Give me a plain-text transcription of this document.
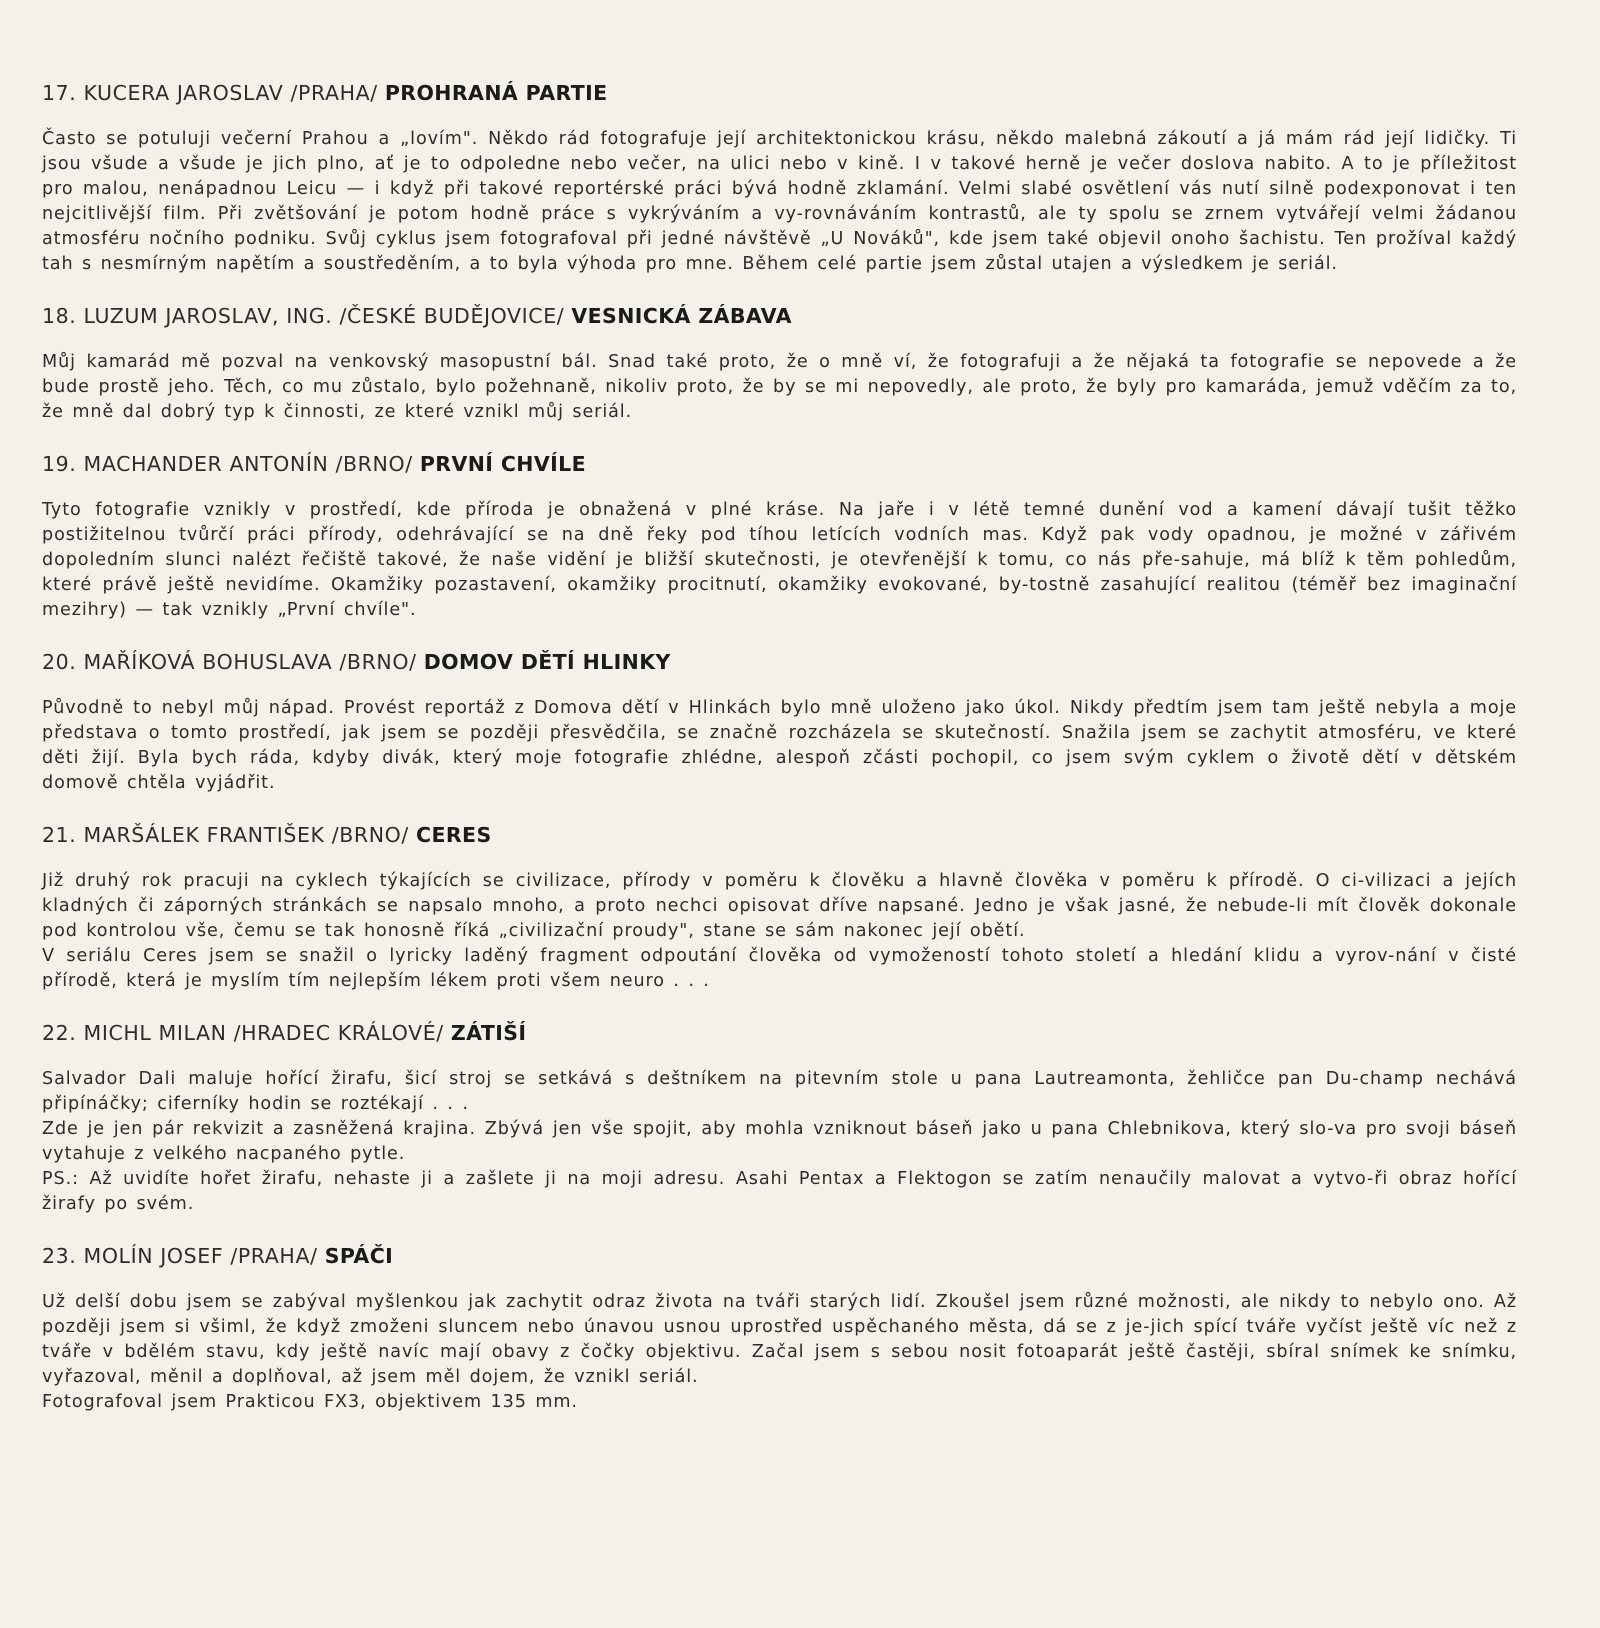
17. KUCERA JAROSLAV /PRAHA/ PROHRANÁ PARTIE

Často se potuluji večerní Prahou a „lovím". Někdo rád fotografuje její architektonickou krásu, někdo malebná zákoutí a já mám rád její lidičky. Ti jsou všude a všude je jich plno, ať je to odpoledne nebo večer, na ulici nebo v kině. I v takové herně je večer doslova nabito. A to je příležitost pro malou, nenápadnou Leicu — i když při takové reportérské práci bývá hodně zklamání. Velmi slabé osvětlení vás nutí silně podexponovat i ten nejcitlivější film. Při zvětšování je potom hodně práce s vykrýváním a vy-rovnáváním kontrastů, ale ty spolu se zrnem vytvářejí velmi žádanou atmosféru nočního podniku. Svůj cyklus jsem fotografoval při jedné návštěvě „U Nováků", kde jsem také objevil onoho šachistu. Ten prožíval každý tah s nesmírným napětím a soustředěním, a to byla výhoda pro mne. Během celé partie jsem zůstal utajen a výsledkem je seriál.

18. LUZUM JAROSLAV, ING. /ČESKÉ BUDĚJOVICE/ VESNICKÁ ZÁBAVA

Můj kamarád mě pozval na venkovský masopustní bál. Snad také proto, že o mně ví, že fotografuji a že nějaká ta fotografie se nepovede a že bude prostě jeho. Těch, co mu zůstalo, bylo požehnaně, nikoliv proto, že by se mi nepovedly, ale proto, že byly pro kamaráda, jemuž vděčím za to, že mně dal dobrý typ k činnosti, ze které vznikl můj seriál.

19. MACHANDER ANTONÍN /BRNO/ PRVNÍ CHVÍLE

Tyto fotografie vznikly v prostředí, kde příroda je obnažená v plné kráse. Na jaře i v létě temné dunění vod a kamení dávají tušit těžko postižitelnou tvůrčí práci přírody, odehrávající se na dně řeky pod tíhou letících vodních mas. Když pak vody opadnou, je možné v zářivém dopoledním slunci nalézt řečiště takové, že naše vidění je bližší skutečnosti, je otevřenější k tomu, co nás pře-sahuje, má blíž k těm pohledům, které právě ještě nevidíme. Okamžiky pozastavení, okamžiky procitnutí, okamžiky evokované, by-tostně zasahující realitou (téměř bez imaginační mezihry) — tak vznikly „První chvíle".

20. MAŘÍKOVÁ BOHUSLAVA /BRNO/ DOMOV DĚTÍ HLINKY

Původně to nebyl můj nápad. Provést reportáž z Domova dětí v Hlinkách bylo mně uloženo jako úkol. Nikdy předtím jsem tam ještě nebyla a moje představa o tomto prostředí, jak jsem se později přesvědčila, se značně rozcházela se skutečností. Snažila jsem se zachytit atmosféru, ve které děti žijí. Byla bych ráda, kdyby divák, který moje fotografie zhlédne, alespoň zčásti pochopil, co jsem svým cyklem o životě dětí v dětském domově chtěla vyjádřit.

21. MARŠÁLEK FRANTIŠEK /BRNO/ CERES

Již druhý rok pracuji na cyklech týkajících se civilizace, přírody v poměru k člověku a hlavně člověka v poměru k přírodě. O ci-vilizaci a jejích kladných či záporných stránkách se napsalo mnoho, a proto nechci opisovat dříve napsané. Jedno je však jasné, že nebude-li mít člověk dokonale pod kontrolou vše, čemu se tak honosně říká „civilizační proudy", stane se sám nakonec její obětí.

V seriálu Ceres jsem se snažil o lyricky laděný fragment odpoutání člověka od vymožeností tohoto století a hledání klidu a vyrov-nání v čisté přírodě, která je myslím tím nejlepším lékem proti všem neuro . . .

22. MICHL MILAN /HRADEC KRÁLOVÉ/ ZÁTIŠÍ

Salvador Dali maluje hořící žirafu, šicí stroj se setkává s deštníkem na pitevním stole u pana Lautreamonta, žehličce pan Du-champ nechává připínáčky; ciferníky hodin se roztékají . . .

Zde je jen pár rekvizit a zasněžená krajina. Zbývá jen vše spojit, aby mohla vzniknout báseň jako u pana Chlebnikova, který slo-va pro svoji báseň vytahuje z velkého nacpaného pytle.

PS.: Až uvidíte hořet žirafu, nehaste ji a zašlete ji na moji adresu. Asahi Pentax a Flektogon se zatím nenaučily malovat a vytvo-ři obraz hořící žirafy po svém.

23. MOLÍN JOSEF /PRAHA/ SPÁČI

Už delší dobu jsem se zabýval myšlenkou jak zachytit odraz života na tváři starých lidí. Zkoušel jsem různé možnosti, ale nikdy to nebylo ono. Až později jsem si všiml, že když zmoženi sluncem nebo únavou usnou uprostřed uspěchaného města, dá se z je-jich spící tváře vyčíst ještě víc než z tváře v bdělém stavu, kdy ještě navíc mají obavy z čočky objektivu. Začal jsem s sebou nosit fotoaparát ještě častěji, sbíral snímek ke snímku, vyřazoval, měnil a doplňoval, až jsem měl dojem, že vznikl seriál.

Fotografoval jsem Prakticou FX3, objektivem 135 mm.
